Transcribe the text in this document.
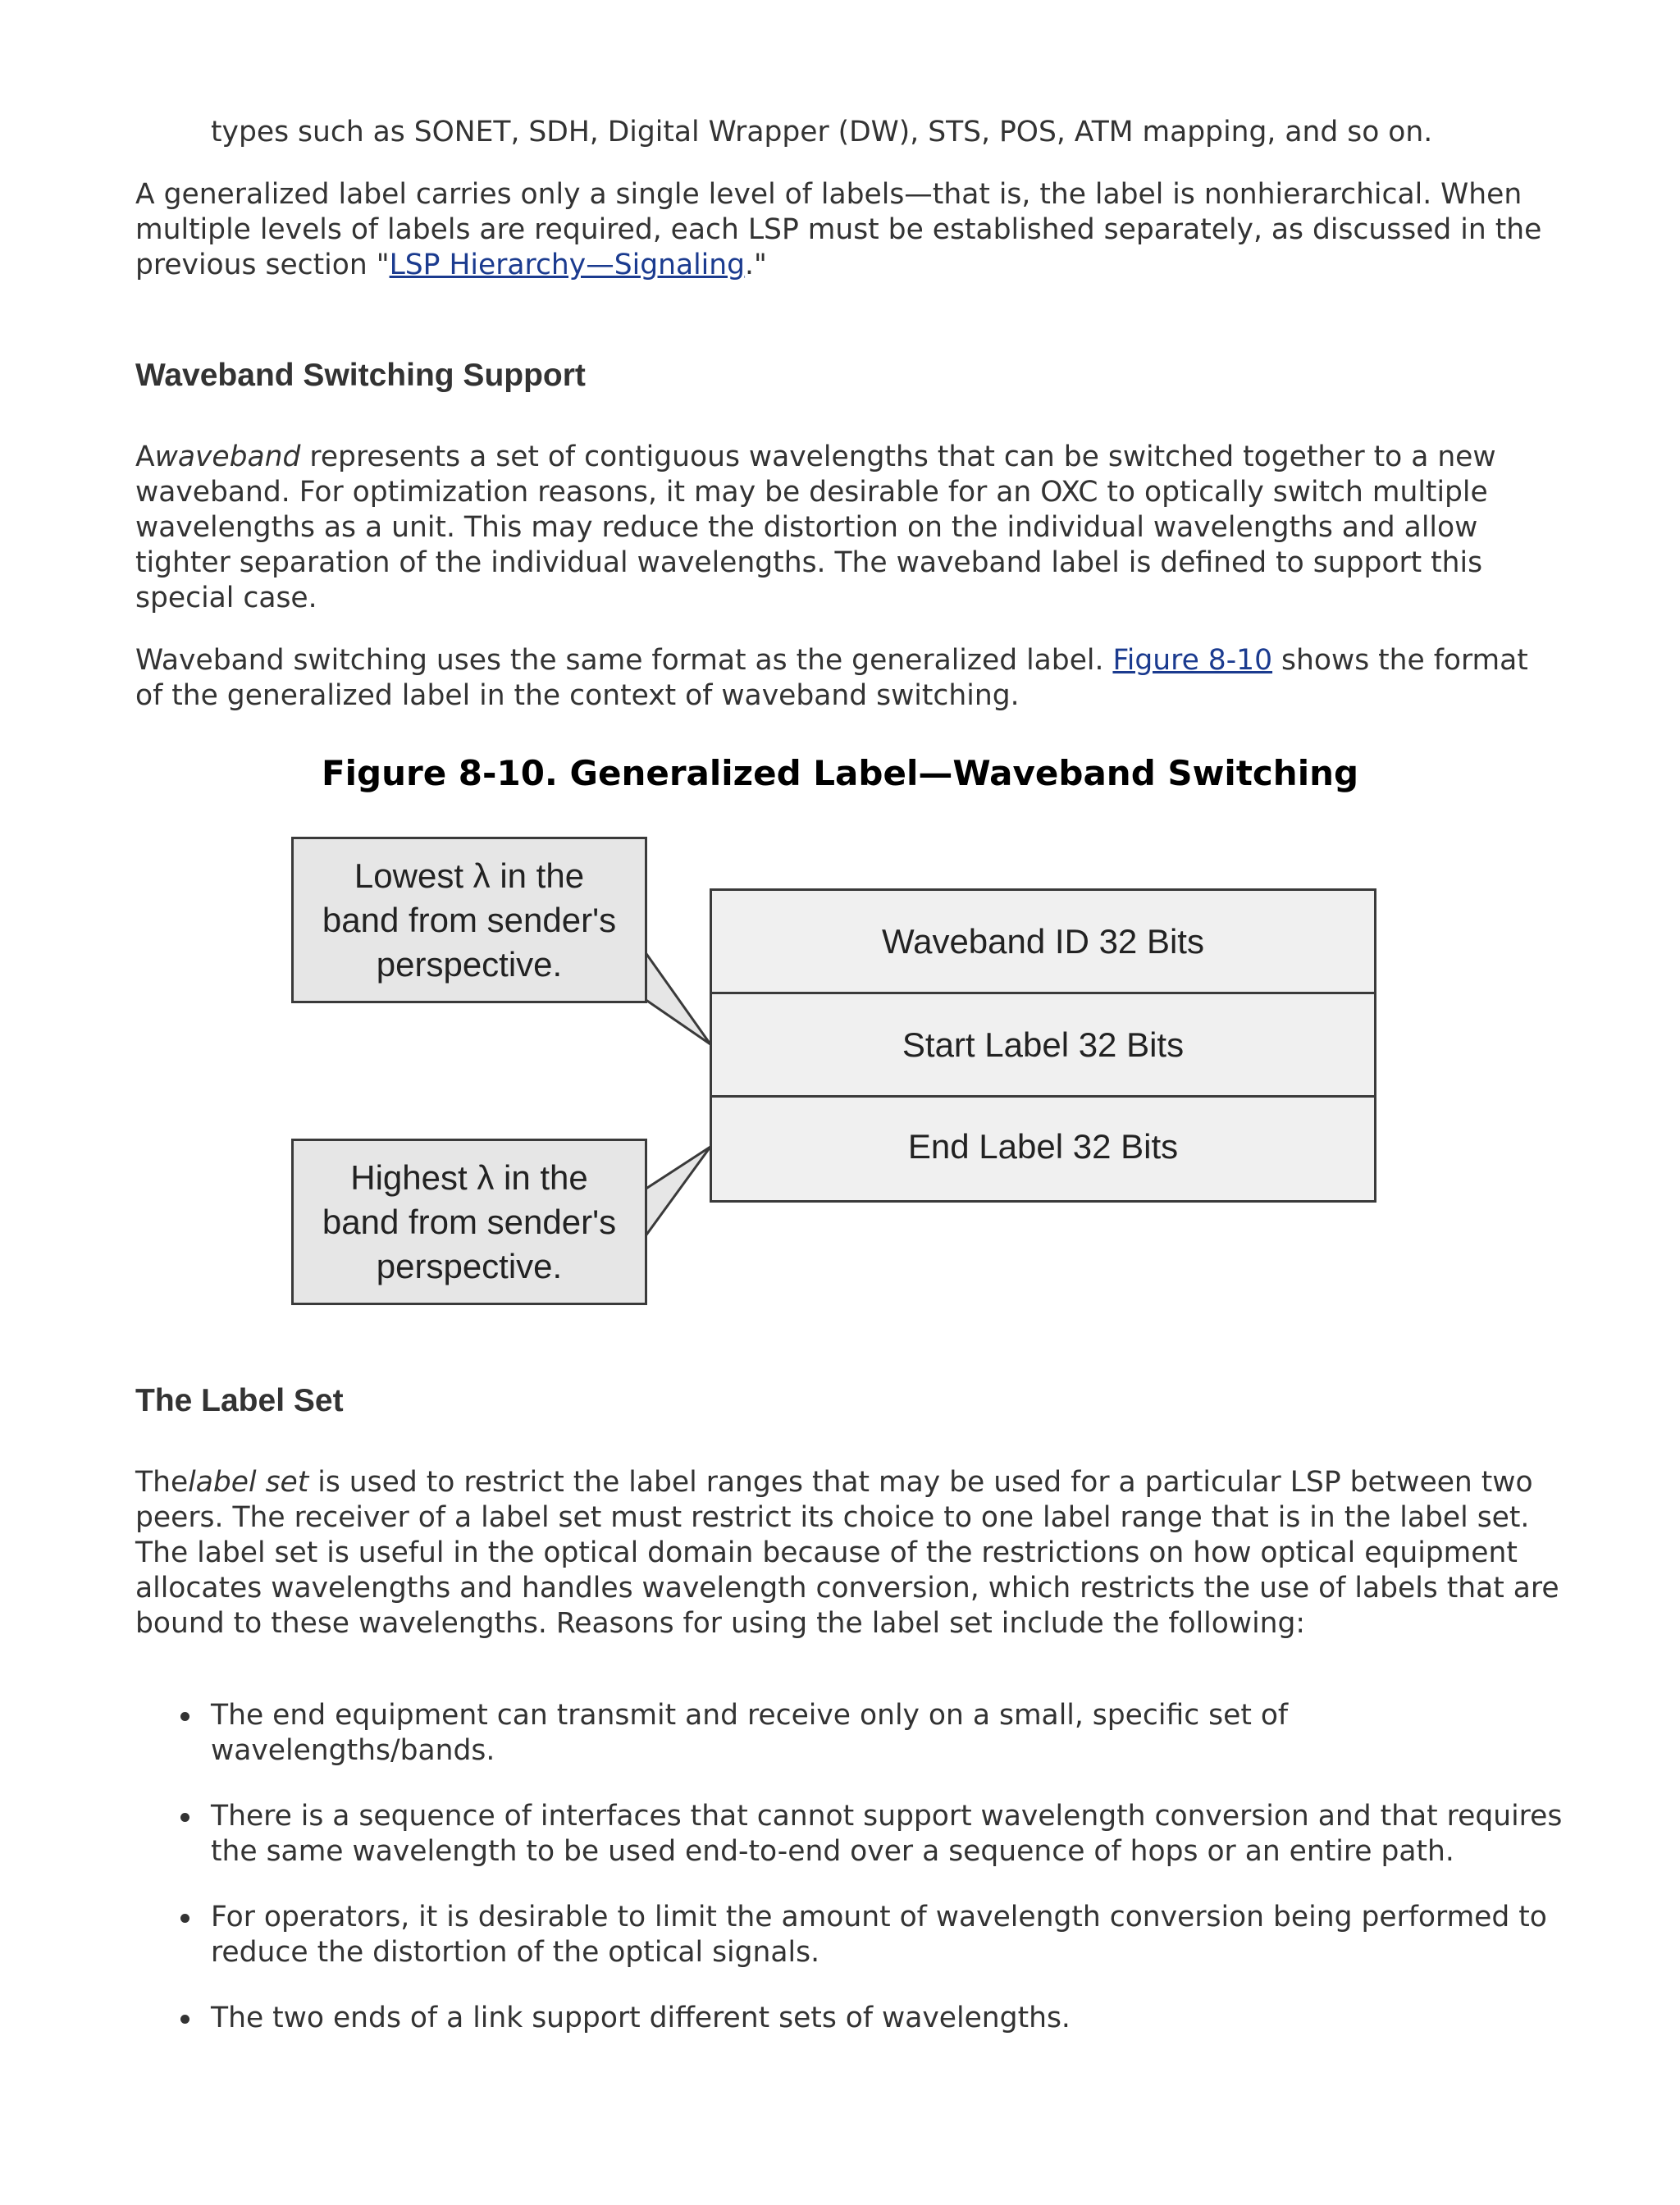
types such as SONET, SDH, Digital Wrapper (DW), STS, POS, ATM mapping, and so on.

A generalized label carries only a single level of labels—that is, the label is nonhierarchical. When multiple levels of labels are required, each LSP must be established separately, as discussed in the previous section "LSP Hierarchy—Signaling."

Waveband Switching Support

Awaveband represents a set of contiguous wavelengths that can be switched together to a new waveband. For optimization reasons, it may be desirable for an OXC to optically switch multiple wavelengths as a unit. This may reduce the distortion on the individual wavelengths and allow tighter separation of the individual wavelengths. The waveband label is defined to support this special case.

Waveband switching uses the same format as the generalized label. Figure 8-10 shows the format of the generalized label in the context of waveband switching.

Figure 8-10. Generalized Label—Waveband Switching
Lowest λ in the
band from sender's
perspective.
Highest λ in the
band from sender's
perspective.
Waveband ID 32 Bits
Start Label 32 Bits
End Label 32 Bits
The Label Set

Thelabel set is used to restrict the label ranges that may be used for a particular LSP between two peers. The receiver of a label set must restrict its choice to one label range that is in the label set. The label set is useful in the optical domain because of the restrictions on how optical equipment allocates wavelengths and handles wavelength conversion, which restricts the use of labels that are bound to these wavelengths. Reasons for using the label set include the following:

The end equipment can transmit and receive only on a small, specific set of wavelengths/bands.
There is a sequence of interfaces that cannot support wavelength conversion and that requires the same wavelength to be used end-to-end over a sequence of hops or an entire path.
For operators, it is desirable to limit the amount of wavelength conversion being performed to reduce the distortion of the optical signals.
The two ends of a link support different sets of wavelengths.
